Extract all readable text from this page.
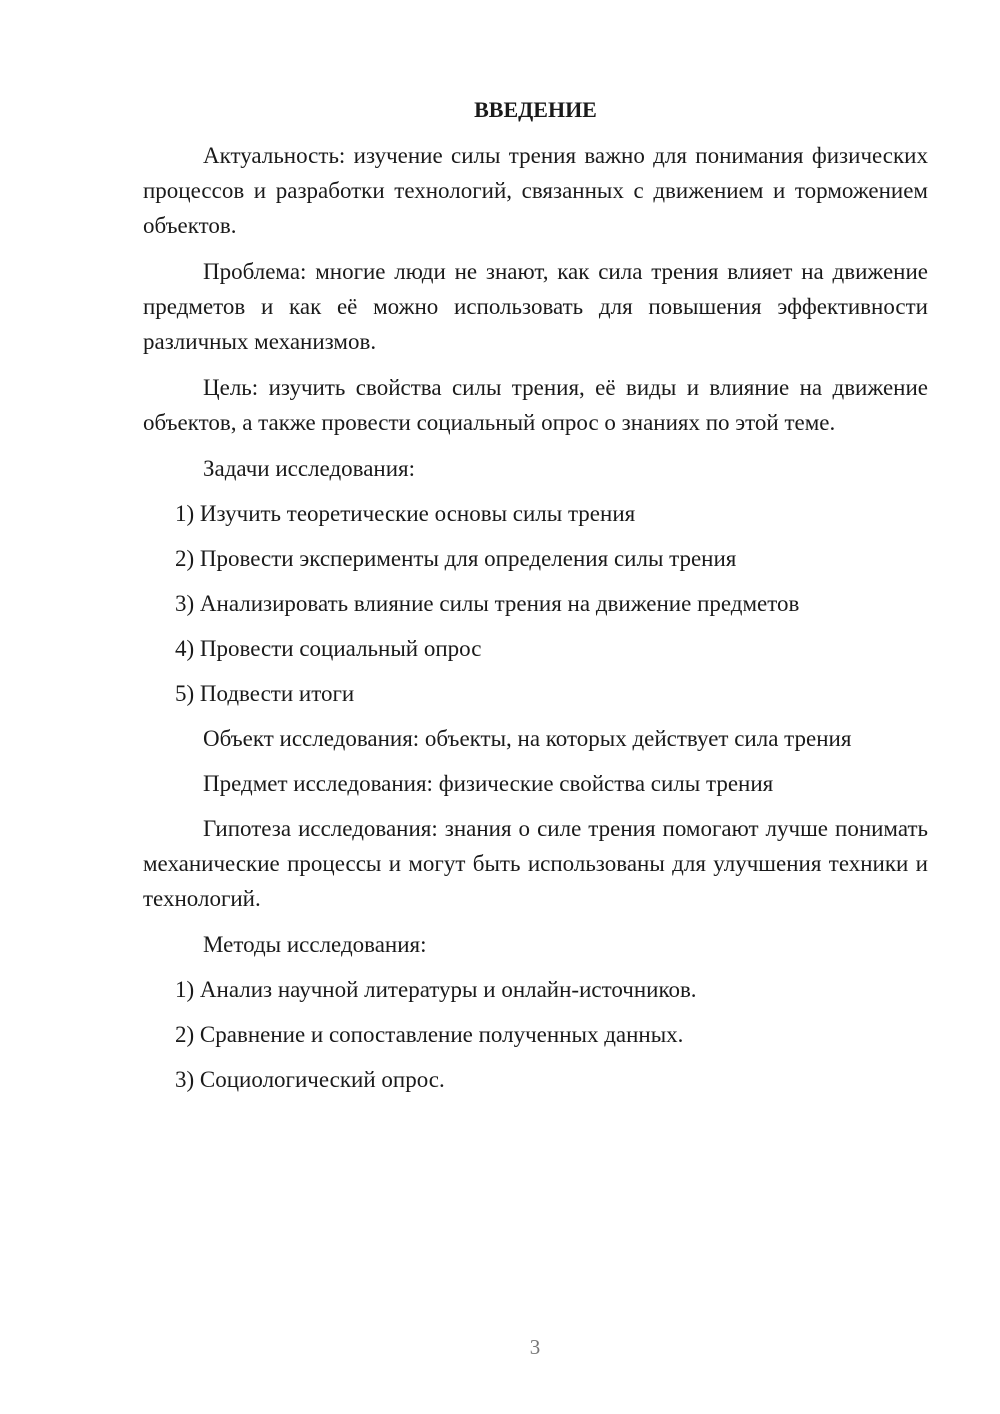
ВВЕДЕНИЕ

Актуальность: изучение силы трения важно для понимания физических процессов и разработки технологий, связанных с движением и торможением объектов.

Проблема: многие люди не знают, как сила трения влияет на движение предметов и как её можно использовать для повышения эффективности различных механизмов.

Цель: изучить свойства силы трения, её виды и влияние на движение объектов, а также провести социальный опрос о знаниях по этой теме.

Задачи исследования:

1) Изучить теоретические основы силы трения

2) Провести эксперименты для определения силы трения

3) Анализировать влияние силы трения на движение предметов

4) Провести социальный опрос

5) Подвести итоги

Объект исследования: объекты, на которых действует сила трения

Предмет исследования: физические свойства силы трения

Гипотеза исследования: знания о силе трения помогают лучше понимать механические процессы и могут быть использованы для улучшения техники и технологий.

Методы исследования:

1) Анализ научной литературы и онлайн-источников.

2) Сравнение и сопоставление полученных данных.

3) Социологический опрос.

3
